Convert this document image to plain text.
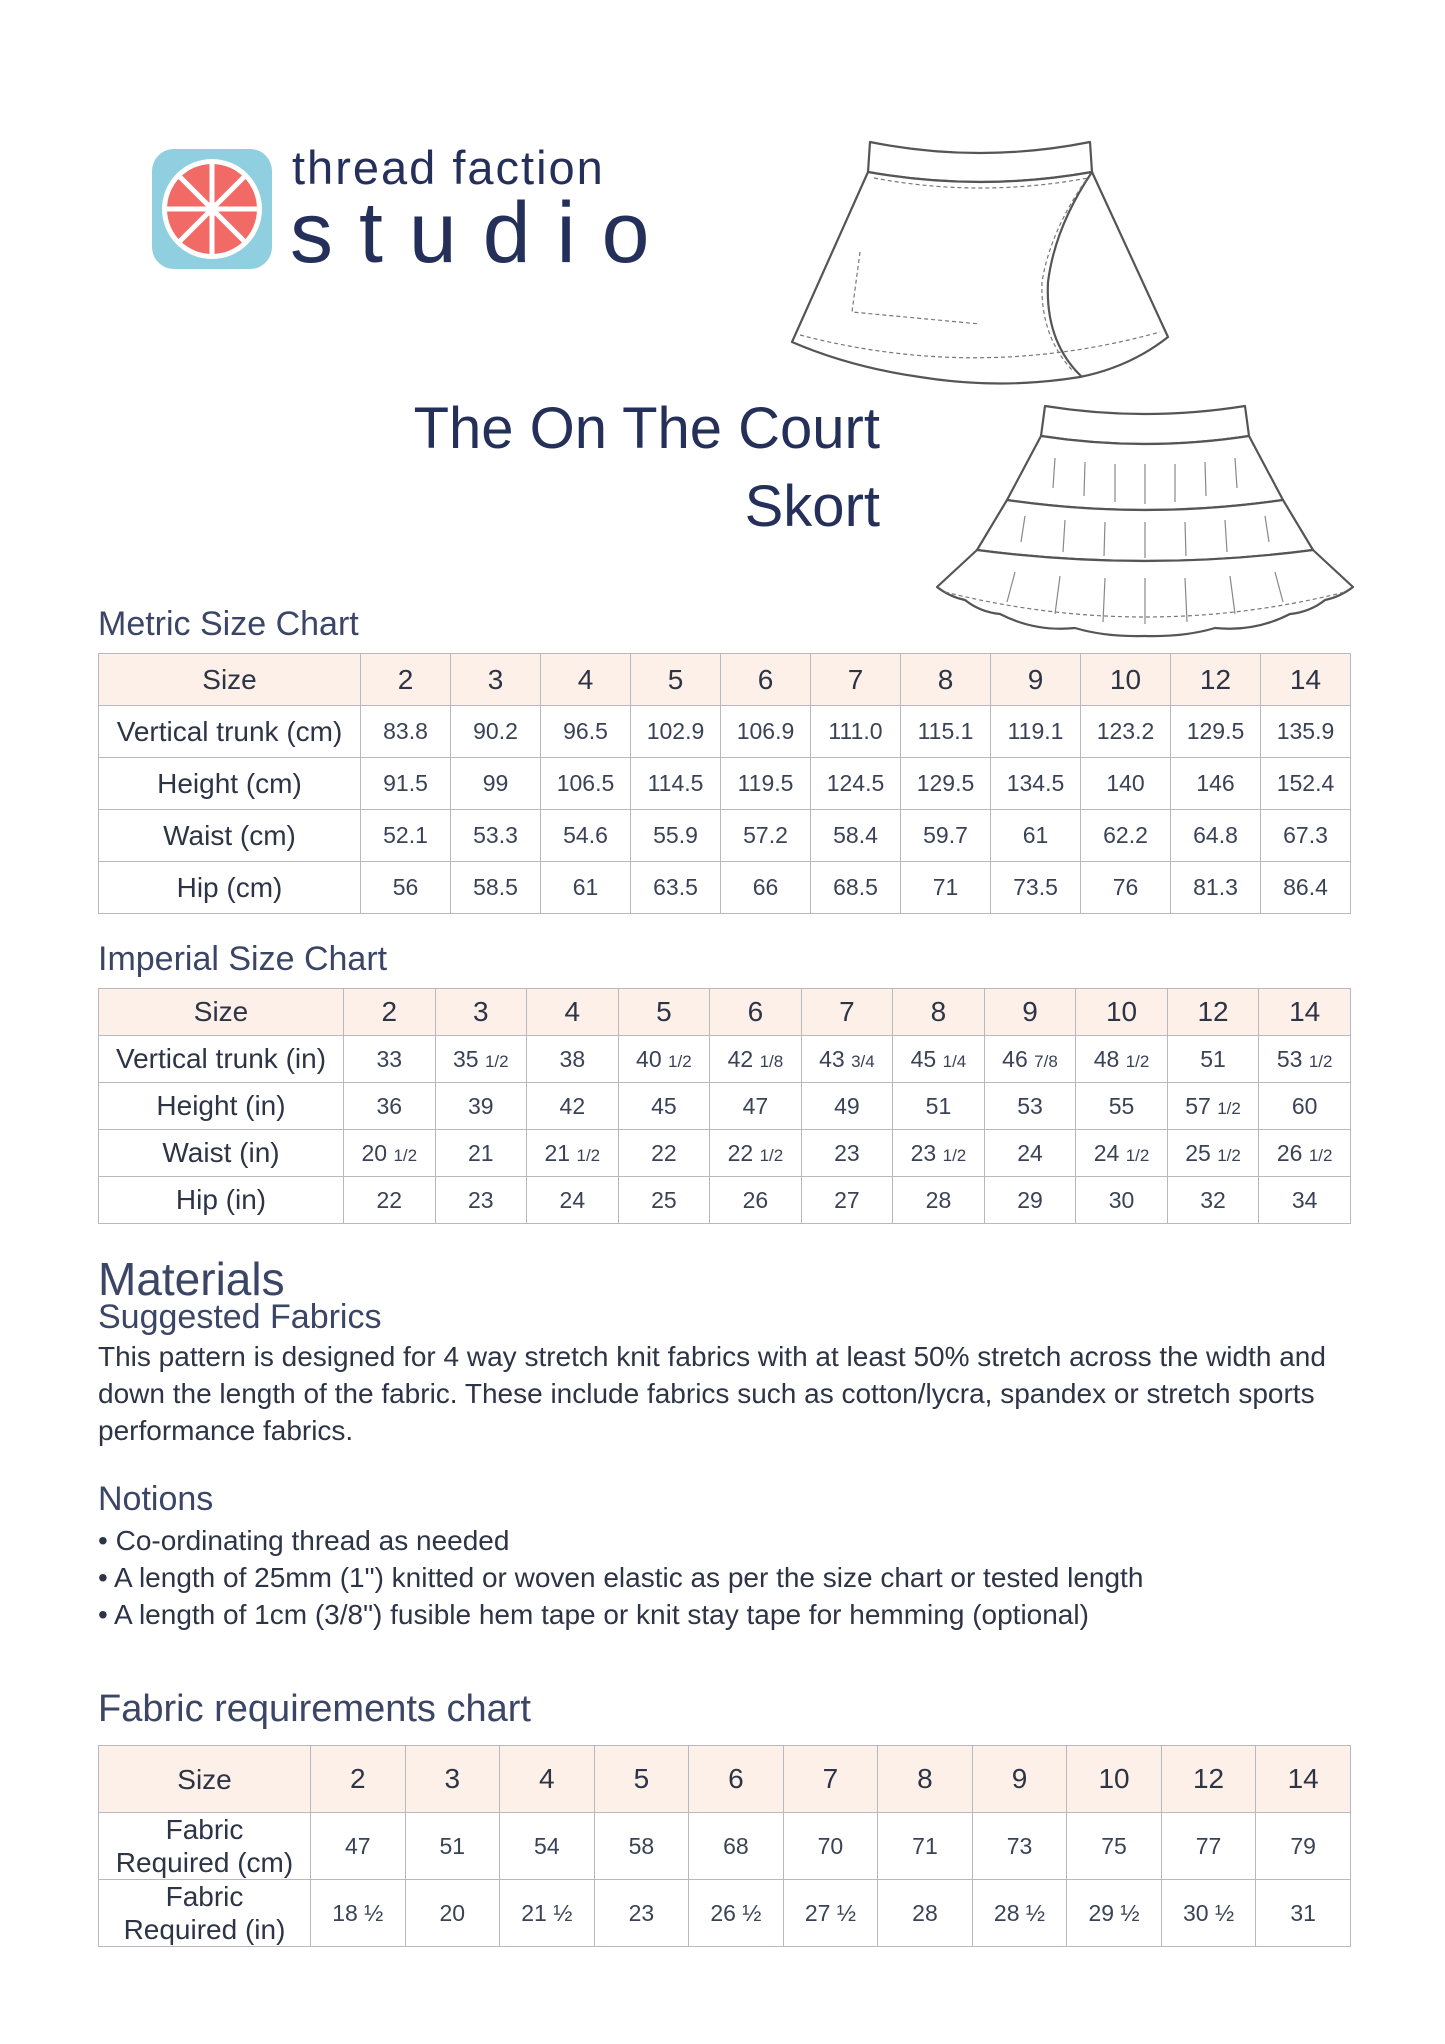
thread faction
studio
The On The Court
Skort
Metric Size Chart
Size	2	3	4	5	6	7	8	9	10	12	14
Vertical trunk (cm)	83.8	90.2	96.5	102.9	106.9	111.0	115.1	119.1	123.2	129.5	135.9
Height (cm)	91.5	99	106.5	114.5	119.5	124.5	129.5	134.5	140	146	152.4
Waist (cm)	52.1	53.3	54.6	55.9	57.2	58.4	59.7	61	62.2	64.8	67.3
Hip (cm)	56	58.5	61	63.5	66	68.5	71	73.5	76	81.3	86.4
Imperial Size Chart
Size	2	3	4	5	6	7	8	9	10	12	14
Vertical trunk (in)	33	35 1/2	38	40 1/2	42 1/8	43 3/4	45 1/4	46 7/8	48 1/2	51	53 1/2
Height (in)	36	39	42	45	47	49	51	53	55	57 1/2	60
Waist (in)	20 1/2	21	21 1/2	22	22 1/2	23	23 1/2	24	24 1/2	25 1/2	26 1/2
Hip (in)	22	23	24	25	26	27	28	29	30	32	34
Materials
Suggested Fabrics
This pattern is designed for 4 way stretch knit fabrics with at least 50% stretch across the width and down the length of the fabric. These include fabrics such as cotton/lycra, spandex or stretch sports performance fabrics.
Notions
• Co-ordinating thread as needed
• A length of 25mm (1") knitted or woven elastic as per the size chart or tested length
• A length of 1cm (3/8") fusible hem tape or knit stay tape for hemming (optional)
Fabric requirements chart
Size	2	3	4	5	6	7	8	9	10	12	14
Fabric
Required (cm)	47	51	54	58	68	70	71	73	75	77	79
Fabric
Required (in)	18 ½	20	21 ½	23	26 ½	27 ½	28	28 ½	29 ½	30 ½	31
